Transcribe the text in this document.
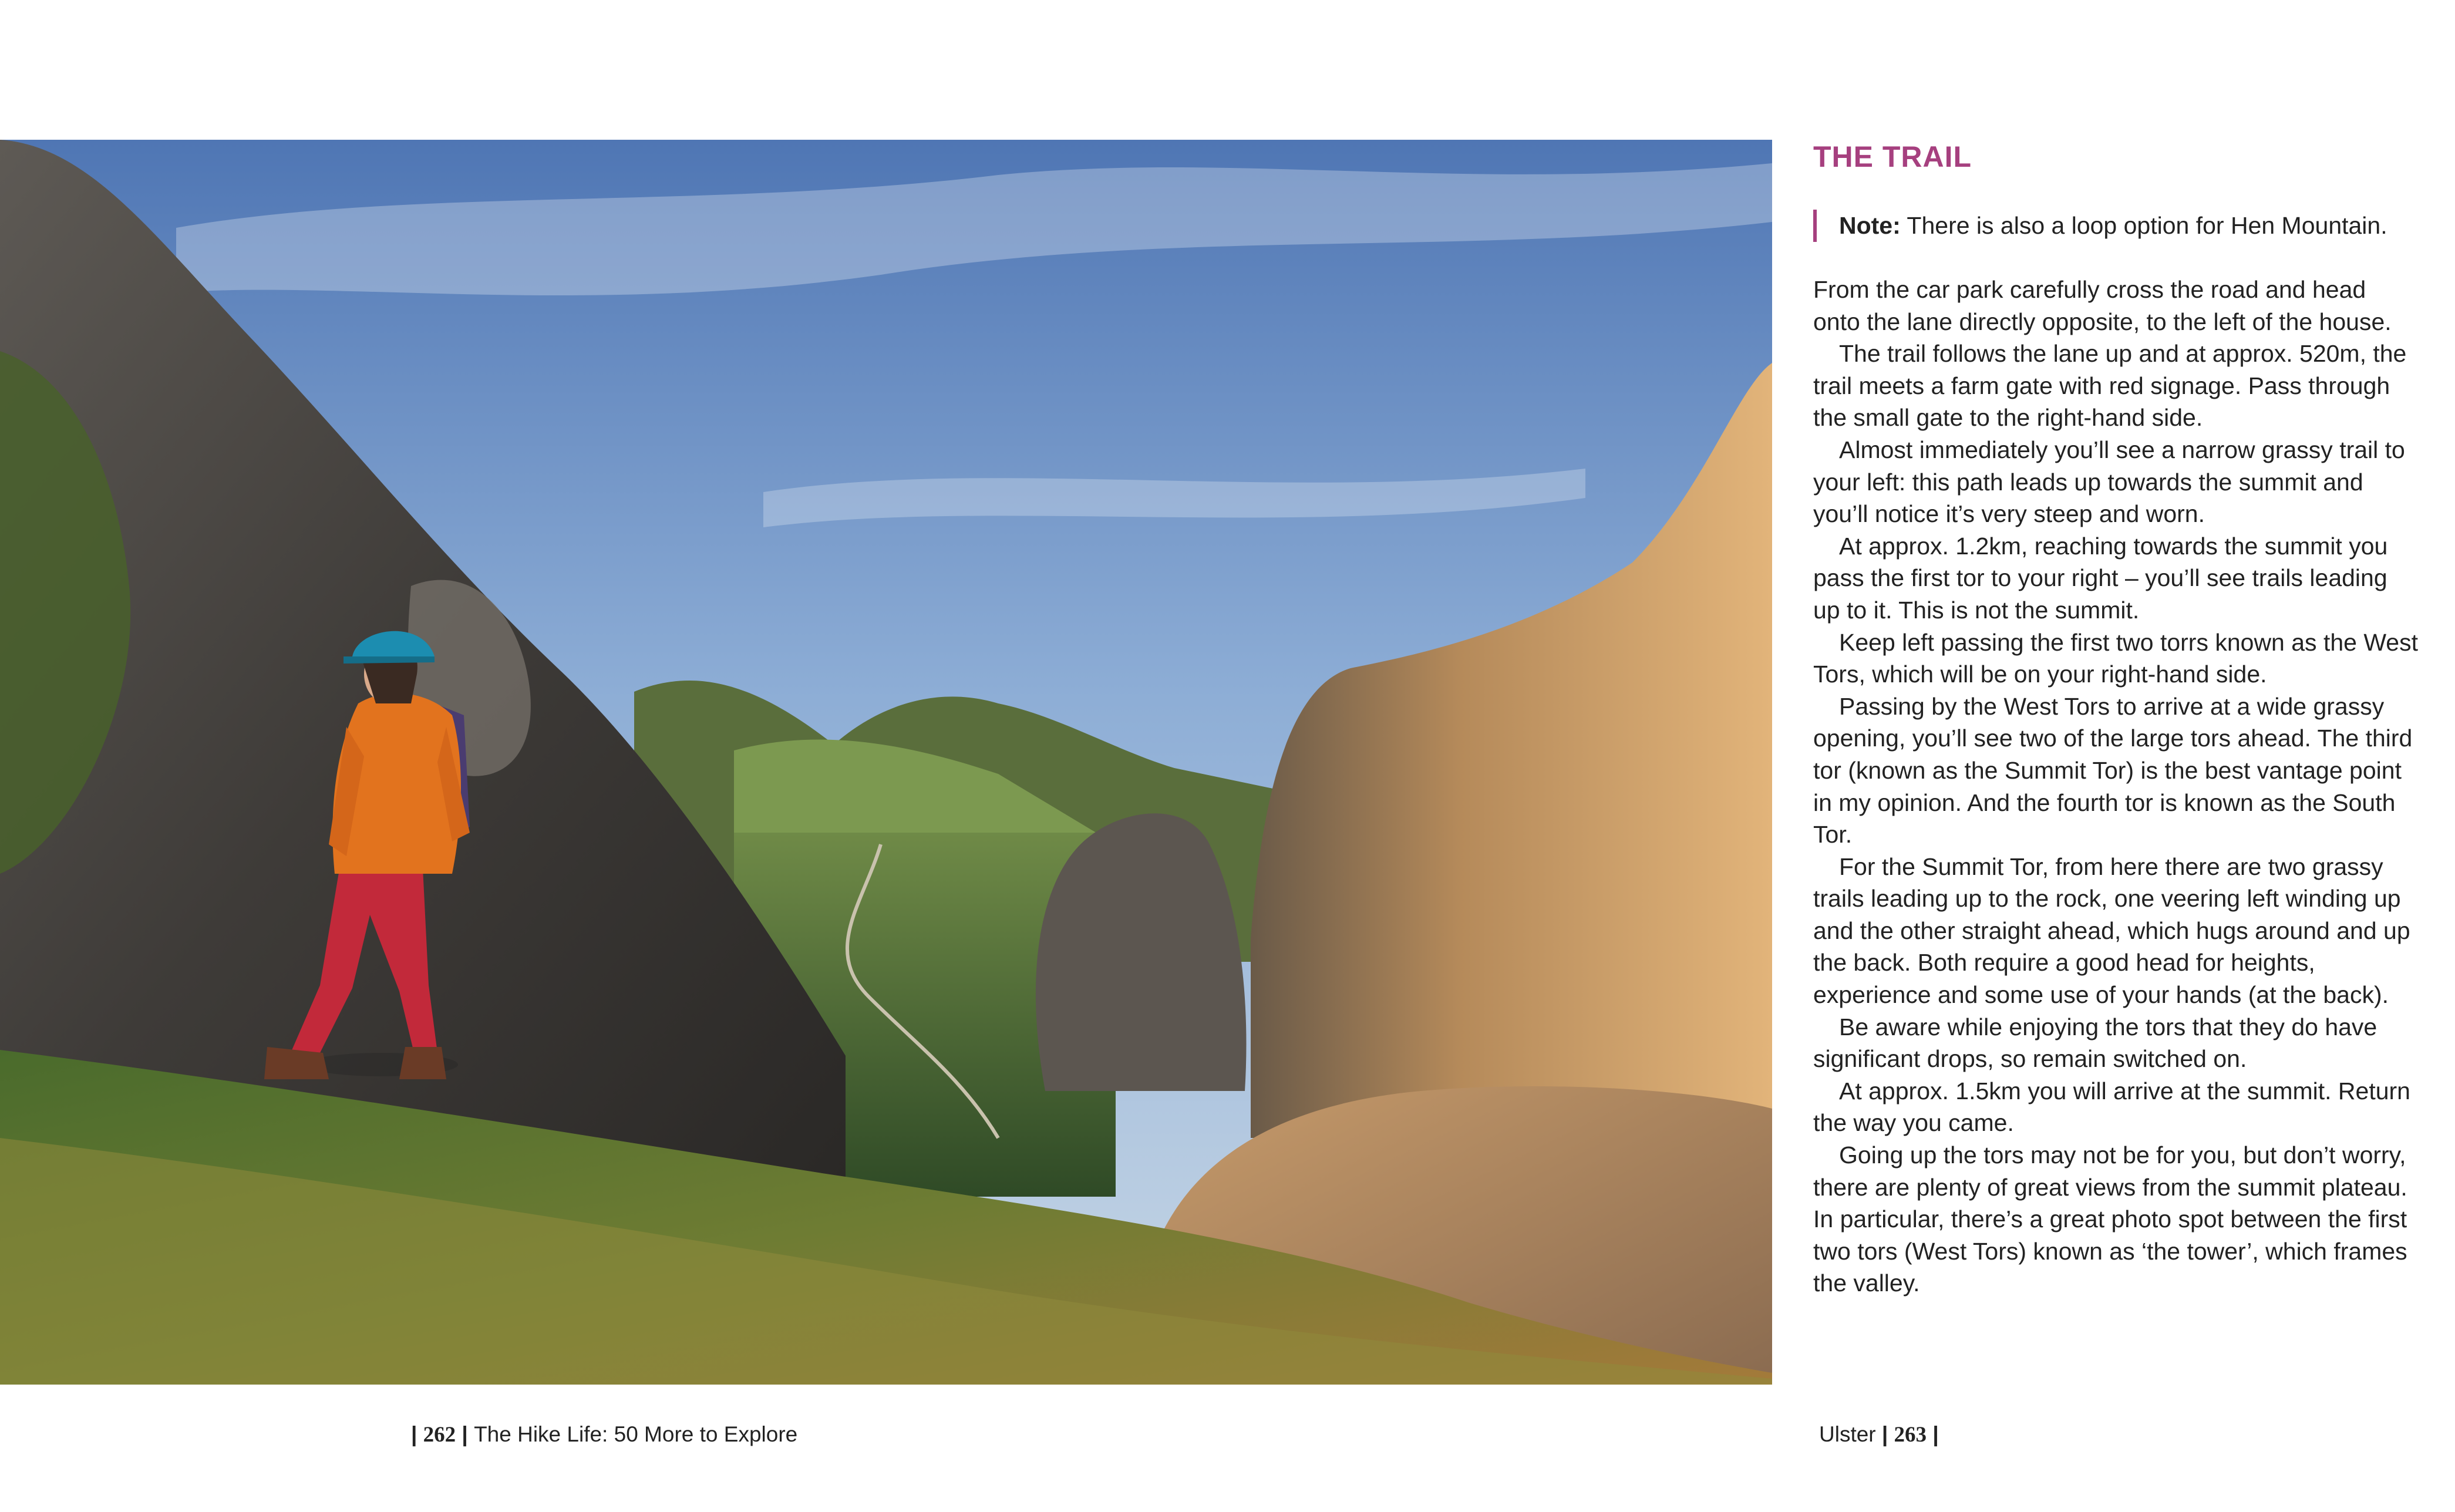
THE TRAIL
Note: There is also a loop option for Hen Mountain.

From the car park carefully cross the road and head onto the lane directly opposite, to the left of the house.

The trail follows the lane up and at approx. 520m, the trail meets a farm gate with red signage. Pass through the small gate to the right-hand side.

Almost immediately you’ll see a narrow grassy trail to your left: this path leads up towards the summit and you’ll notice it’s very steep and worn.

At approx. 1.2km, reaching towards the summit you pass the first tor to your right – you’ll see trails leading up to it. This is not the summit.

Keep left passing the first two torrs known as the West Tors, which will be on your right-hand side.

Passing by the West Tors to arrive at a wide grassy opening, you’ll see two of the large tors ahead. The third tor (known as the Summit Tor) is the best vantage point in my opinion. And the fourth tor is known as the South Tor.

For the Summit Tor, from here there are two grassy trails leading up to the rock, one veering left winding up and the other straight ahead, which hugs around and up the back. Both require a good head for heights, experience and some use of your hands (at the back).

Be aware while enjoying the tors that they do have significant drops, so remain switched on.

At approx. 1.5km you will arrive at the summit. Return the way you came.

Going up the tors may not be for you, but don’t worry, there are plenty of great views from the summit plateau. In particular, there’s a great photo spot between the first two tors (West Tors) known as ‘the tower’, which frames the valley.

| 262 | The Hike Life: 50 More to Explore	Ulster | 263 |
